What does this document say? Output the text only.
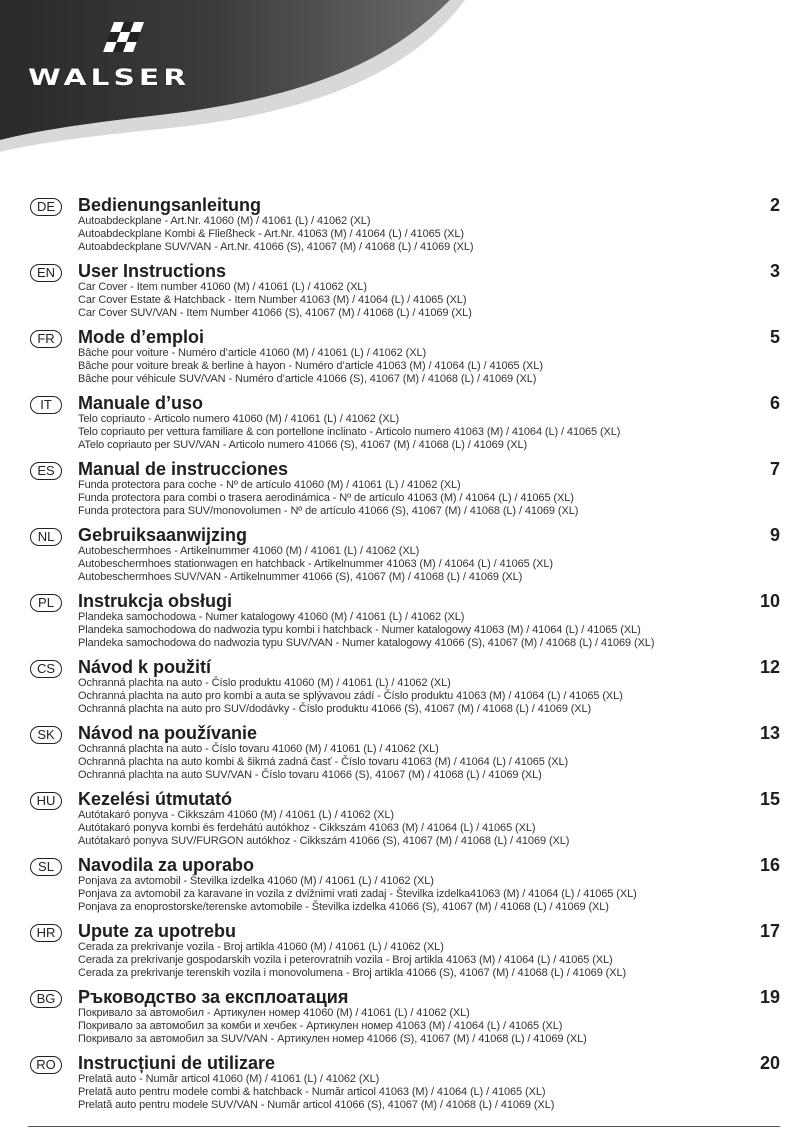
WALSER
DE	Bedienungsanleitung	2
Autoabdeckplane - Art.Nr. 41060 (M) / 41061 (L) / 41062 (XL)
Autoabdeckplane Kombi & Fließheck - Art.Nr. 41063 (M) / 41064 (L) / 41065 (XL)
Autoabdeckplane SUV/VAN - Art.Nr. 41066 (S), 41067 (M) / 41068 (L) / 41069 (XL)
EN	User Instructions	3
Car Cover - Item number 41060 (M) / 41061 (L) / 41062 (XL)
Car Cover Estate & Hatchback - Item Number 41063 (M) / 41064 (L) / 41065 (XL)
Car Cover SUV/VAN - Item Number 41066 (S), 41067 (M) / 41068 (L) / 41069 (XL)
FR	Mode d’emploi	5
Bâche pour voiture - Numéro d’article 41060 (M) / 41061 (L) / 41062 (XL)
Bâche pour voiture break & berline à hayon - Numéro d’article 41063 (M) / 41064 (L) / 41065 (XL)
Bâche pour véhicule SUV/VAN - Numéro d’article 41066 (S), 41067 (M) / 41068 (L) / 41069 (XL)
IT	Manuale d’uso	6
Telo copriauto - Articolo numero 41060 (M) / 41061 (L) / 41062 (XL)
Telo copriauto per vettura familiare & con portellone inclinato - Articolo numero 41063 (M) / 41064 (L) / 41065 (XL)
ATelo copriauto per SUV/VAN - Articolo numero 41066 (S), 41067 (M) / 41068 (L) / 41069 (XL)
ES	Manual de instrucciones	7
Funda protectora para coche - Nº de artículo 41060 (M) / 41061 (L) / 41062 (XL)
Funda protectora para combi o trasera aerodinámica - Nº de artículo 41063 (M) / 41064 (L) / 41065 (XL)
Funda protectora para SUV/monovolumen - Nº de artículo 41066 (S), 41067 (M) / 41068 (L) / 41069 (XL)
NL	Gebruiksaanwijzing	9
Autobeschermhoes - Artikelnummer 41060 (M) / 41061 (L) / 41062 (XL)
Autobeschermhoes stationwagen en hatchback - Artikelnummer 41063 (M) / 41064 (L) / 41065 (XL)
Autobeschermhoes SUV/VAN - Artikelnummer 41066 (S), 41067 (M) / 41068 (L) / 41069 (XL)
PL	Instrukcja obsługi	10
Plandeka samochodowa - Numer katalogowy 41060 (M) / 41061 (L) / 41062 (XL)
Plandeka samochodowa do nadwozia typu kombi i hatchback - Numer katalogowy 41063 (M) / 41064 (L) / 41065 (XL)
Plandeka samochodowa do nadwozia typu SUV/VAN - Numer katalogowy 41066 (S), 41067 (M) / 41068 (L) / 41069 (XL)
CS	Návod k použití	12
Ochranná plachta na auto - Číslo produktu 41060 (M) / 41061 (L) / 41062 (XL)
Ochranná plachta na auto pro kombi a auta se splývavou zádí - Číslo produktu 41063 (M) / 41064 (L) / 41065 (XL)
Ochranná plachta na auto pro SUV/dodávky - Číslo produktu 41066 (S), 41067 (M) / 41068 (L) / 41069 (XL)
SK	Návod na používanie	13
Ochranná plachta na auto - Číslo tovaru 41060 (M) / 41061 (L) / 41062 (XL)
Ochranná plachta na auto kombi & šikmá zadná časť - Číslo tovaru 41063 (M) / 41064 (L) / 41065 (XL)
Ochranná plachta na auto SUV/VAN - Číslo tovaru 41066 (S), 41067 (M) / 41068 (L) / 41069 (XL)
HU	Kezelési útmutató	15
Autótakaró ponyva - Cikkszám 41060 (M) / 41061 (L) / 41062 (XL)
Autótakaró ponyva kombi és ferdehátú autókhoz - Cikkszám 41063 (M) / 41064 (L) / 41065 (XL)
Autótakaró ponyva SUV/FURGON autókhoz - Cikkszám 41066 (S), 41067 (M) / 41068 (L) / 41069 (XL)
SL	Navodila za uporabo	16
Ponjava za avtomobil - Številka izdelka 41060 (M) / 41061 (L) / 41062 (XL)
Ponjava za avtomobil za karavane in vozila z dvižnimi vrati zadaj - Številka izdelka41063 (M) / 41064 (L) / 41065 (XL)
Ponjava za enoprostorske/terenske avtomobile - Številka izdelka 41066 (S), 41067 (M) / 41068 (L) / 41069 (XL)
HR	Upute za upotrebu	17
Cerada za prekrivanje vozila - Broj artikla 41060 (M) / 41061 (L) / 41062 (XL)
Cerada za prekrivanje gospodarskih vozila i peterovratnih vozila - Broj artikla 41063 (M) / 41064 (L) / 41065 (XL)
Cerada za prekrivanje terenskih vozila i monovolumena - Broj artikla 41066 (S), 41067 (M) / 41068 (L) / 41069 (XL)
BG	Ръководство за експлоатация	19
Покривало за автомобил - Артикулен номер 41060 (M) / 41061 (L) / 41062 (XL)
Покривало за автомобил за комби и хечбек - Артикулен номер 41063 (M) / 41064 (L) / 41065 (XL)
Покривало за автомобил за SUV/VAN - Артикулен номер 41066 (S), 41067 (M) / 41068 (L) / 41069 (XL)
RO	Instrucțiuni de utilizare	20
Prelată auto - Număr articol 41060 (M) / 41061 (L) / 41062 (XL)
Prelată auto pentru modele combi & hatchback - Număr articol 41063 (M) / 41064 (L) / 41065 (XL)
Prelată auto pentru modele SUV/VAN - Număr articol 41066 (S), 41067 (M) / 41068 (L) / 41069 (XL)
